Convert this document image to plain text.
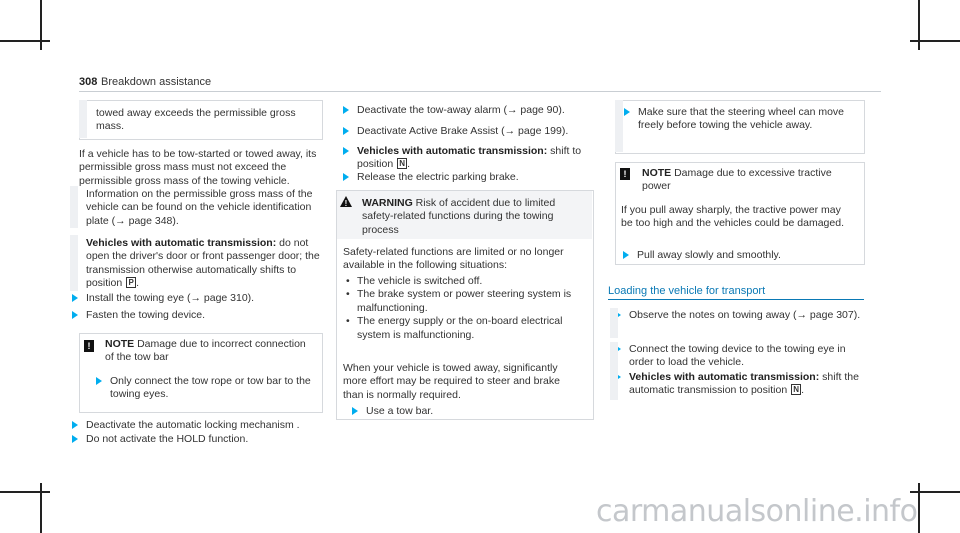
308 Breakdown assistance
towed away exceeds the permissible gross mass.
If a vehicle has to be tow-started or towed away, its permissible gross mass must not exceed the permissible gross mass of the towing vehicle.
Information on the permissible gross mass of the vehicle can be found on the vehicle identification plate (→ page 348).
Vehicles with automatic transmission: do not open the driver's door or front passenger door; the transmission otherwise automatically shifts to position P .
Install the towing eye (→ page 310).
Fasten the towing device.
!	NOTE Damage due to incorrect connection of the tow bar
Only connect the tow rope or tow bar to the towing eyes.
Deactivate the automatic locking mechanism .
Do not activate the HOLD function.
Deactivate the tow-away alarm (→ page 90).
Deactivate Active Brake Assist (→ page 199).
Vehicles with automatic transmission: shift to position N .
Release the electric parking brake.
! WARNING Risk of accident due to limited safety-related functions during the towing process
Safety-related functions are limited or no longer available in the following situations:
• The vehicle is switched off.
• The brake system or power steering system is malfunctioning.
• The energy supply or the on-board electrical system is malfunctioning.
When your vehicle is towed away, significantly more effort may be required to steer and brake than is normally required.
Use a tow bar.
Make sure that the steering wheel can move freely before towing the vehicle away.
!	NOTE Damage due to excessive tractive power
If you pull away sharply, the tractive power may be too high and the vehicles could be damaged.
Pull away slowly and smoothly.
Loading the vehicle for transport
Observe the notes on towing away (→ page 307).
Connect the towing device to the towing eye in order to load the vehicle.
Vehicles with automatic transmission: shift the automatic transmission to position N .
carmanualsonline.info
